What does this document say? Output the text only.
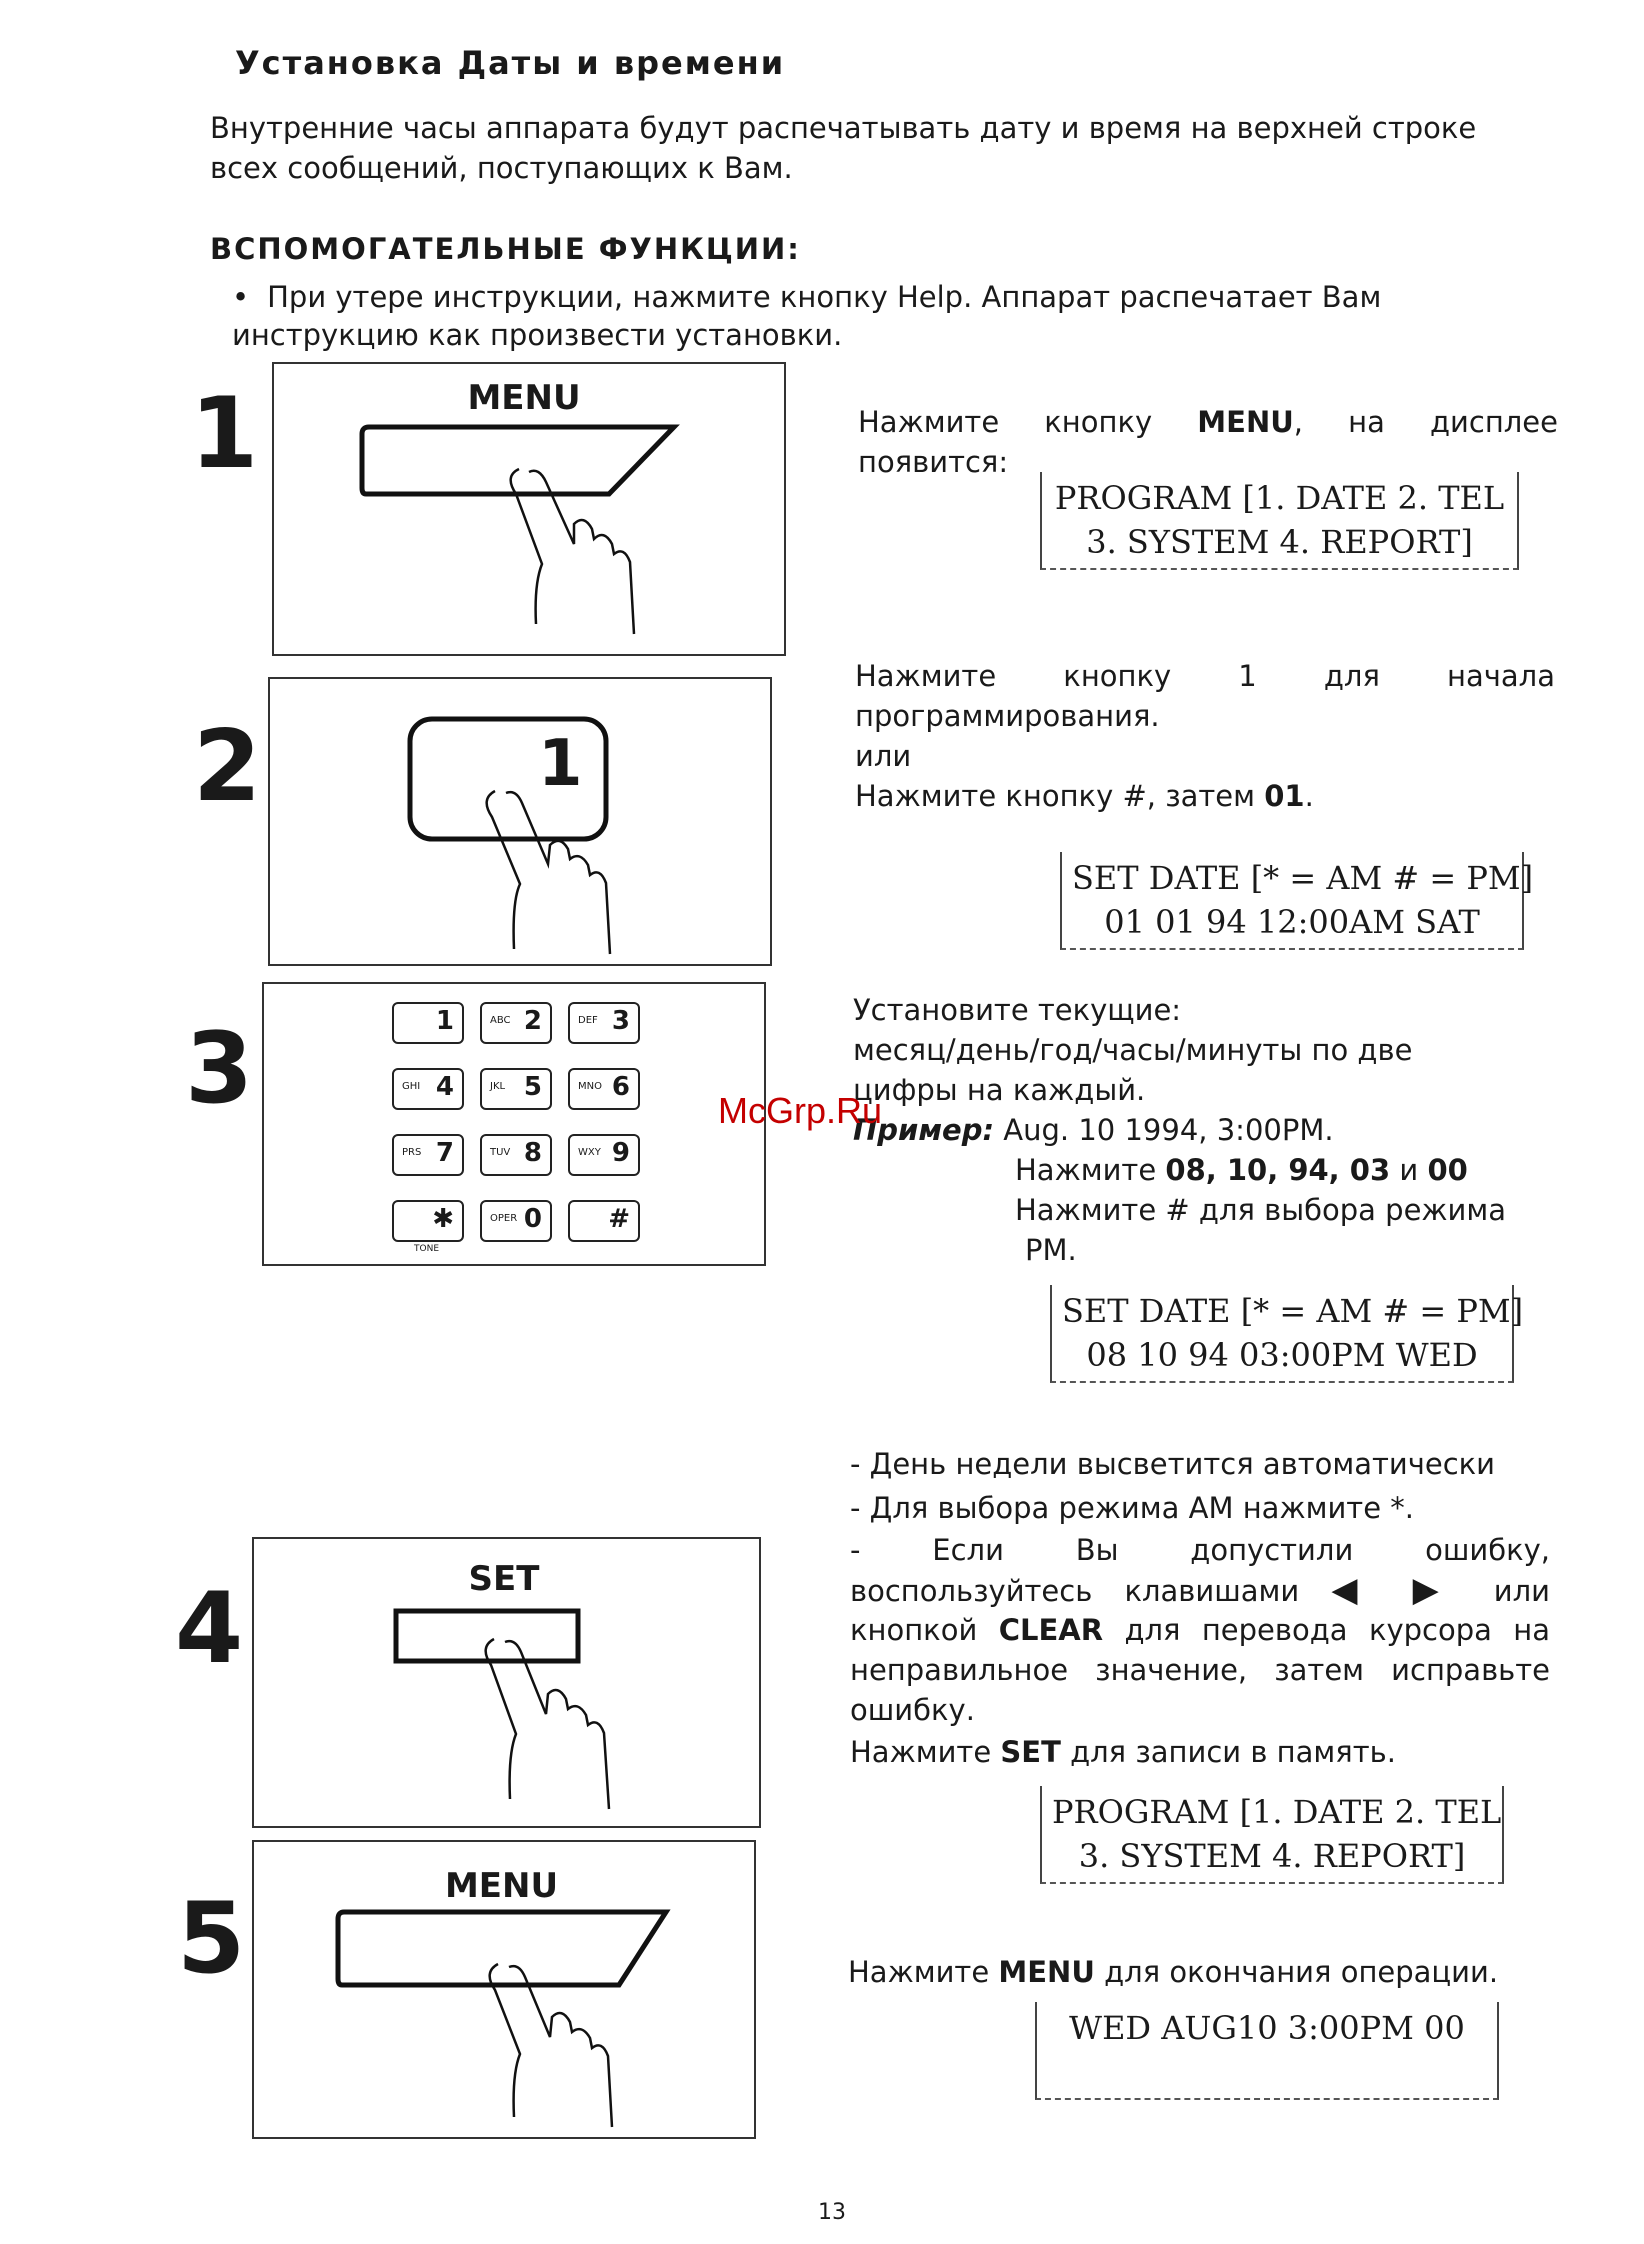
Установка Даты и времени
Внутренние часы аппарата будут распечатывать дату и время на верхней строке всех сообщений, поступающих к Вам.
ВСПОМОГАТЕЛЬНЫЕ ФУНКЦИИ:
• При утере инструкции, нажмите кнопку Help. Аппарат распечатает Вам инструкцию как произвести установки.
1	MENU
Нажмите кнопку MENU, на дисплее
появится:
PROGRAM [1. DATE 2. TEL
3. SYSTEM 4. REPORT]
2	1
Нажмите кнопку 1 для начала
программирования.
или
Нажмите кнопку #, затем 01.
SET DATE [* = AM # = PM]
01 01 94 12:00AM SAT
3	1	ABC 2	DEF 3
GHI 4	JKL 5	MNO 6
PRS 7	TUV 8	WXY 9
✱	OPER 0	#
TONE
Установите текущие:
месяц/день/год/часы/минуты по две
цифры на каждый.
Пример: Aug. 10 1994, 3:00PM.
Нажмите 08, 10, 94, 03 и 00
Нажмите # для выбора режима
PM.
SET DATE [* = AM # = PM]
08 10 94 03:00PM WED
- День недели высветится автоматически
- Для выбора режима AM нажмите *.
- Если Вы допустили ошибку,
воспользуйтесь клавишами ◀ ▶ или
кнопкой CLEAR для перевода курсора на
неправильное значение, затем исправьте
ошибку.
Нажмите SET для записи в память.
PROGRAM [1. DATE 2. TEL
3. SYSTEM 4. REPORT]
4	SET
5	MENU
Нажмите MENU для окончания операции.
WED AUG10 3:00PM 00
McGrp.Ru
13
